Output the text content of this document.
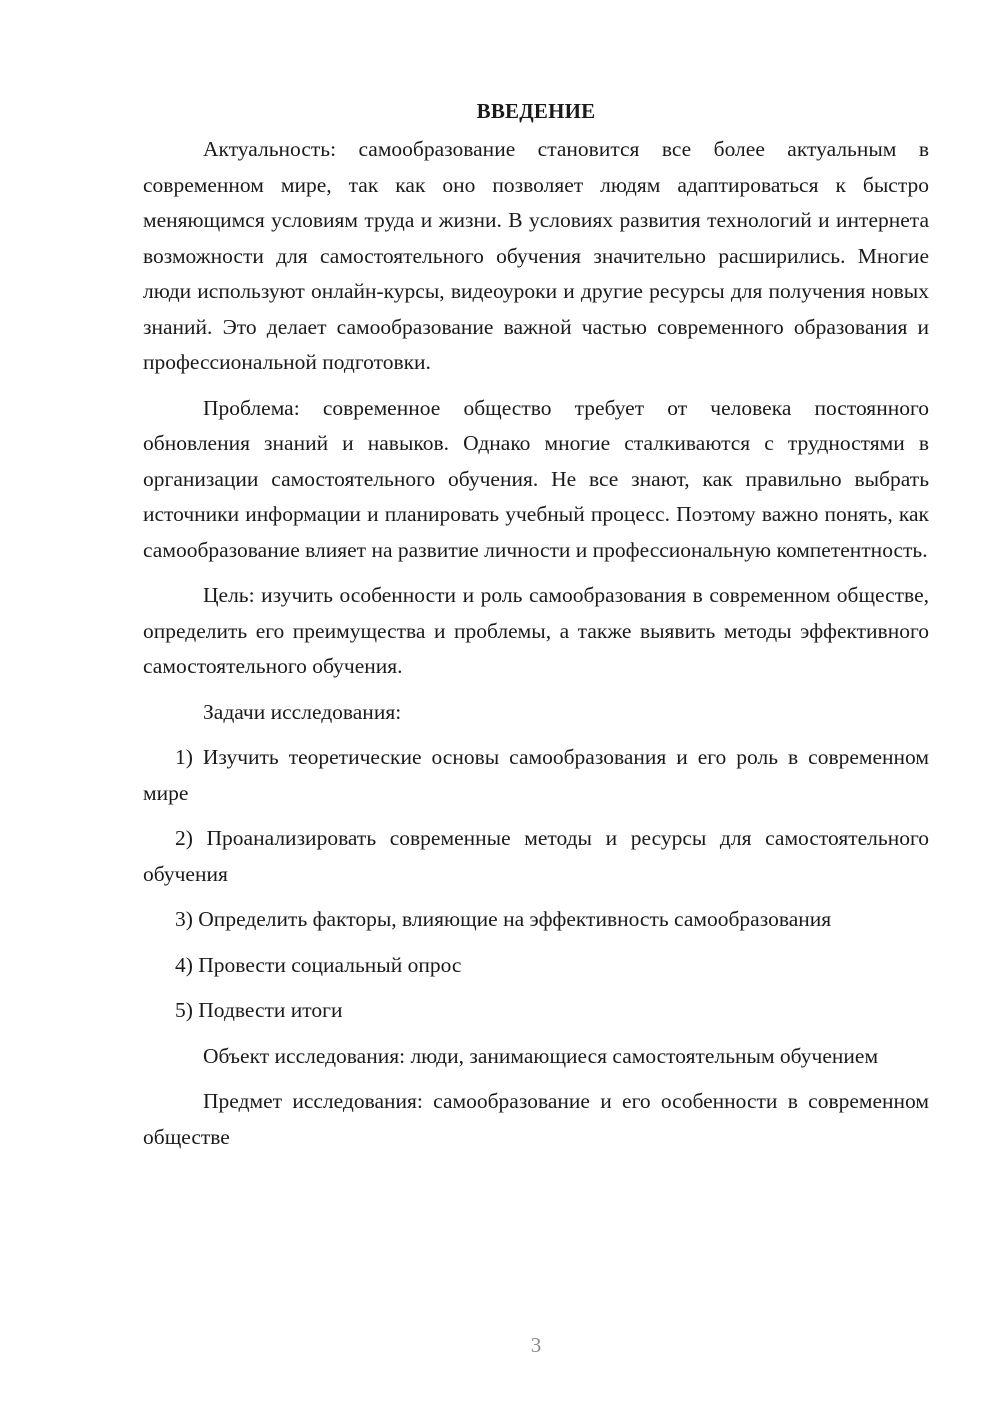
ВВЕДЕНИЕ

Актуальность: самообразование становится все более актуальным в современном мире, так как оно позволяет людям адаптироваться к быстро меняющимся условиям труда и жизни. В условиях развития технологий и интернета возможности для самостоятельного обучения значительно расширились. Многие люди используют онлайн-курсы, видеоуроки и другие ресурсы для получения новых знаний. Это делает самообразование важной частью современного образования и профессиональной подготовки.

Проблема: современное общество требует от человека постоянного обновления знаний и навыков. Однако многие сталкиваются с трудностями в организации самостоятельного обучения. Не все знают, как правильно выбрать источники информации и планировать учебный процесс. Поэтому важно понять, как самообразование влияет на развитие личности и профессиональную компетентность.

Цель: изучить особенности и роль самообразования в современном обществе, определить его преимущества и проблемы, а также выявить методы эффективного самостоятельного обучения.

Задачи исследования:

1) Изучить теоретические основы самообразования и его роль в современном мире

2) Проанализировать современные методы и ресурсы для самостоятельного обучения

3) Определить факторы, влияющие на эффективность самообразования

4) Провести социальный опрос

5) Подвести итоги

Объект исследования: люди, занимающиеся самостоятельным обучением

Предмет исследования: самообразование и его особенности в современном обществе

3
